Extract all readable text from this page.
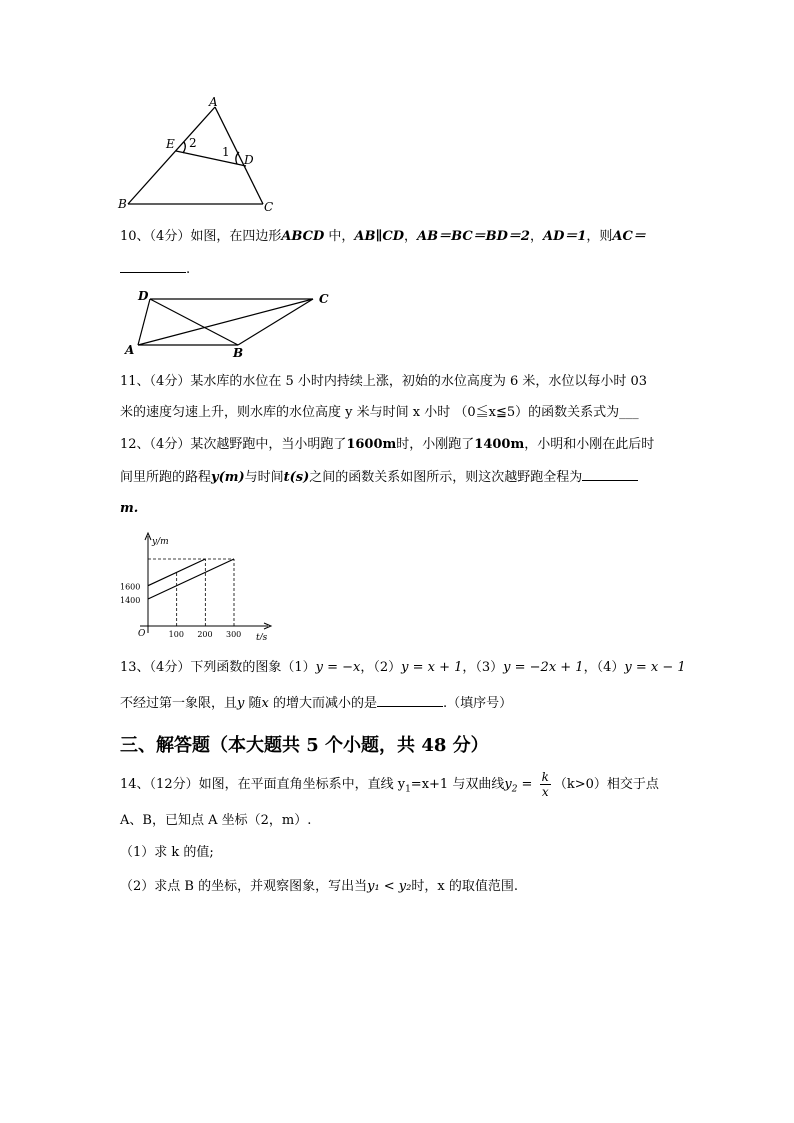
A
E 2
1
D
B	C
10、（4分）如图，在四边形ABCD 中，AB∥CD，AB＝BC＝BD＝2，AD＝1，则AC＝
.
D	C
A	B
11、（4分）某水库的水位在 5 小时内持续上涨，初始的水位高度为 6 米，水位以每小时 03
米的速度匀速上升，则水库的水位高度 y 米与时间 x 小时 （0≦x≦5）的函数关系式为___
12、（4分）某次越野跑中，当小明跑了1600m时，小刚跑了1400m，小明和小刚在此后时
间里所跑的路程y(m)与时间t(s)之间的函数关系如图所示，则这次越野跑全程为
m.
y/m
t/s
O	100 200 300
1400
1600
13、（4分）下列函数的图象（1）y = −x，（2）y = x + 1，（3）y = −2x + 1，（4）y = x − 1
不经过第一象限，且y 随x 的增大而减小的是	.（填序号）
三、解答题（本大题共 5 个小题，共 48 分）
14、（12分）如图，在平面直角坐标系中，直线 $y_1=x+1$ 与双曲线$y_2 = \frac{k}{x} (k>0)$相交于点
A、B，已知点 A 坐标（2，m）.
（1）求 k 的值;
（2）求点 B 的坐标，并观察图象，写出当y₁ < y₂时，x 的取值范围.
